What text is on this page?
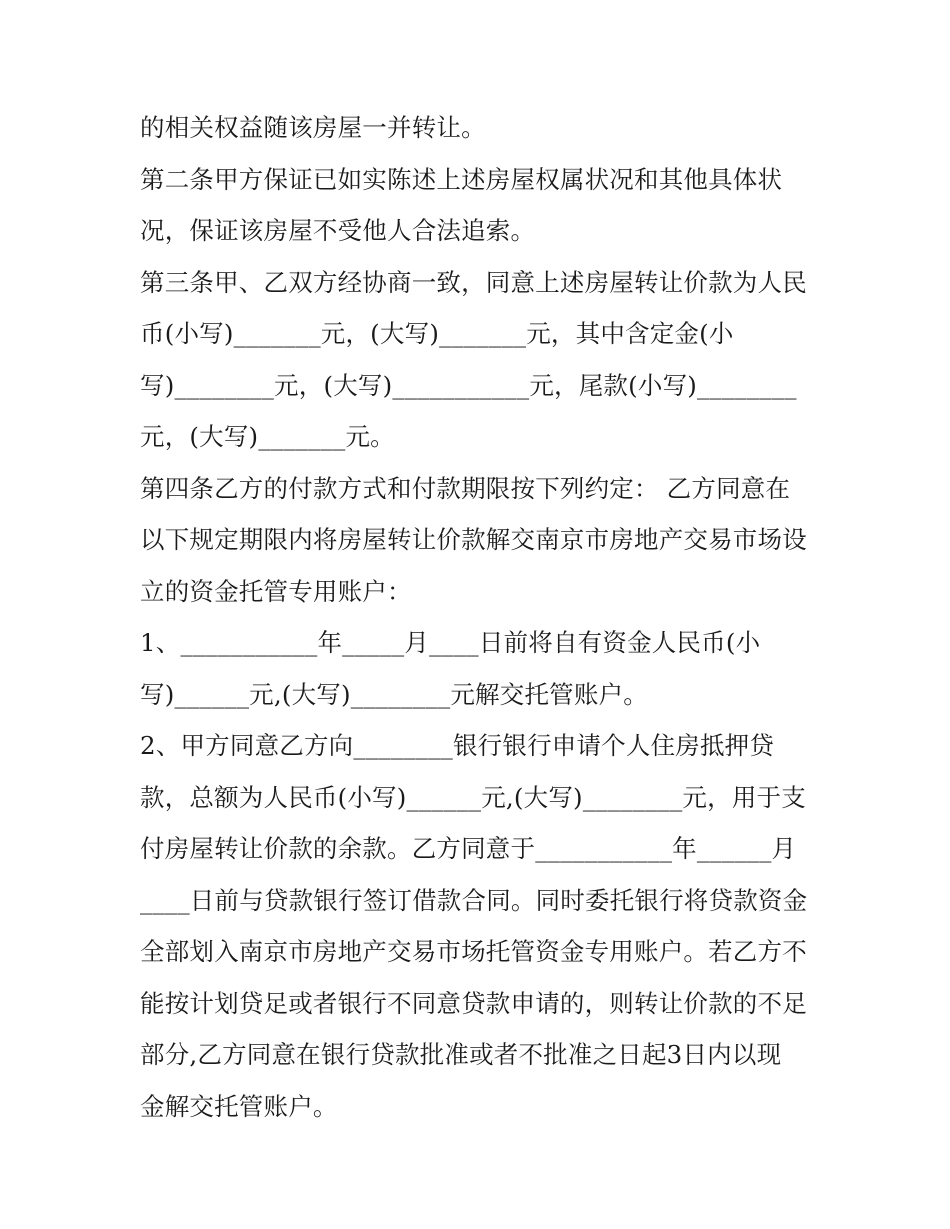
的相关权益随该房屋一并转让。
第二条甲方保证已如实陈述上述房屋权属状况和其他具体状
况，保证该房屋不受他人合法追索。
第三条甲、乙双方经协商一致，同意上述房屋转让价款为人民
币(小写)_______元，(大写)_______元，其中含定金(小
写)________元，(大写)___________元，尾款(小写)________
元，(大写)_______元。
第四条乙方的付款方式和付款期限按下列约定： 乙方同意在
以下规定期限内将房屋转让价款解交南京市房地产交易市场设
立的资金托管专用账户：
1、___________年_____月____日前将自有资金人民币(小
写)______元,(大写)________元解交托管账户。
2、甲方同意乙方向________银行银行申请个人住房抵押贷
款，总额为人民币(小写)______元,(大写)________元，用于支
付房屋转让价款的余款。乙方同意于___________年______月
____日前与贷款银行签订借款合同。同时委托银行将贷款资金
全部划入南京市房地产交易市场托管资金专用账户。若乙方不
能按计划贷足或者银行不同意贷款申请的，则转让价款的不足
部分,乙方同意在银行贷款批准或者不批准之日起3日内以现
金解交托管账户。
